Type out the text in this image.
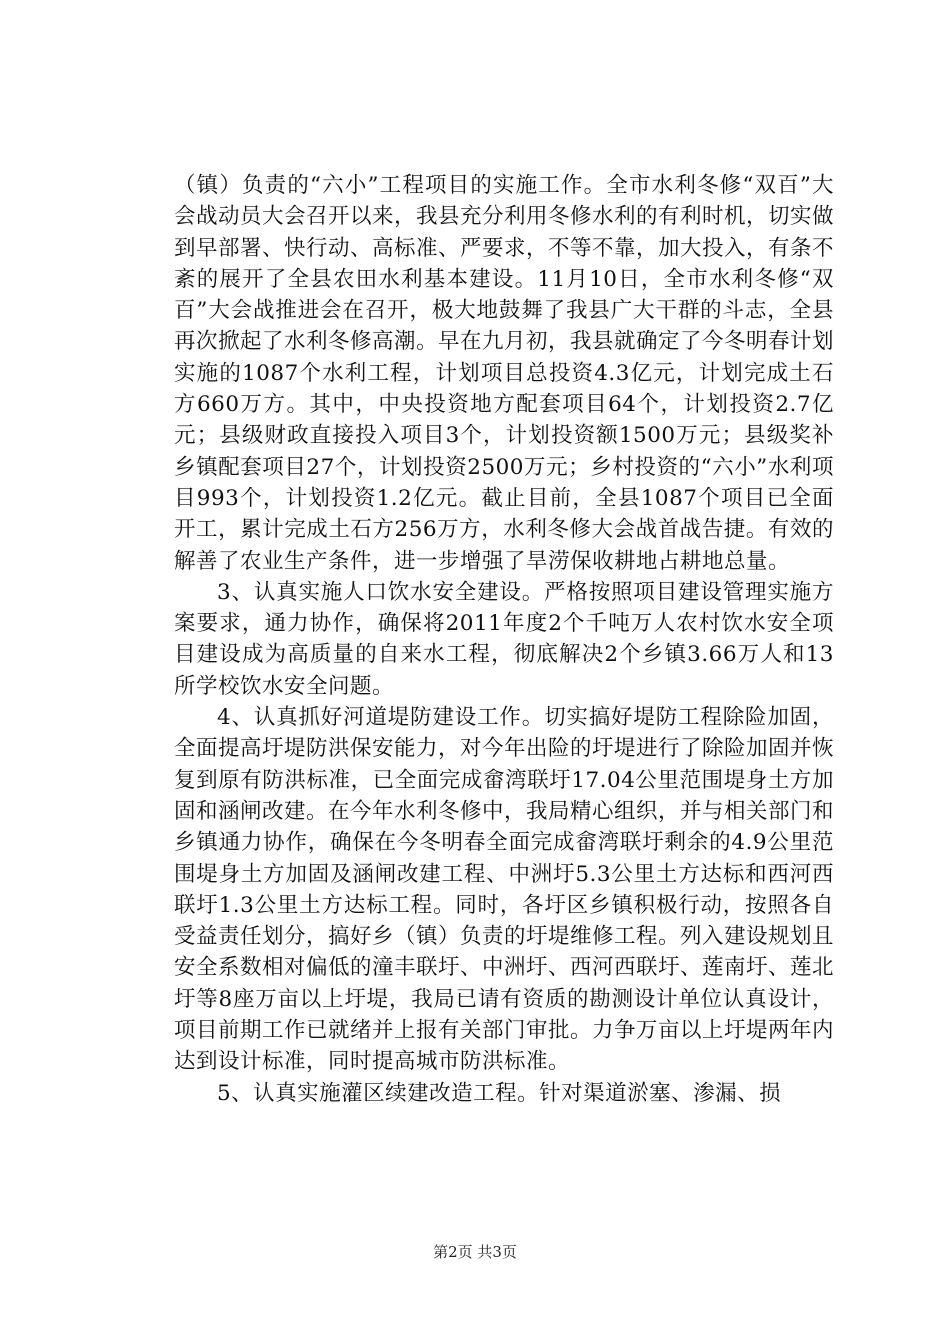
（镇）负责的“六小”工程项目的实施工作。全市水利冬修“双百”大会战动员大会召开以来，我县充分利用冬修水利的有利时机，切实做到早部署、快行动、高标准、严要求，不等不靠，加大投入，有条不紊的展开了全县农田水利基本建设。11月10日，全市水利冬修“双百”大会战推进会在召开，极大地鼓舞了我县广大干群的斗志，全县再次掀起了水利冬修高潮。早在九月初，我县就确定了今冬明春计划实施的1087个水利工程，计划项目总投资4.3亿元，计划完成土石方660万方。其中，中央投资地方配套项目64个，计划投资2.7亿元；县级财政直接投入项目3个，计划投资额1500万元；县级奖补乡镇配套项目27个，计划投资2500万元；乡村投资的“六小”水利项目993个，计划投资1.2亿元。截止目前，全县1087个项目已全面开工，累计完成土石方256万方，水利冬修大会战首战告捷。有效的解善了农业生产条件，进一步增强了旱涝保收耕地占耕地总量。

3、认真实施人口饮水安全建设。严格按照项目建设管理实施方案要求，通力协作，确保将2011年度2个千吨万人农村饮水安全项目建设成为高质量的自来水工程，彻底解决2个乡镇3.66万人和13所学校饮水安全问题。

4、认真抓好河道堤防建设工作。切实搞好堤防工程除险加固，全面提高圩堤防洪保安能力，对今年出险的圩堤进行了除险加固并恢复到原有防洪标准，已全面完成畲湾联圩17.04公里范围堤身土方加固和涵闸改建。在今年水利冬修中，我局精心组织，并与相关部门和乡镇通力协作，确保在今冬明春全面完成畲湾联圩剩余的4.9公里范围堤身土方加固及涵闸改建工程、中洲圩5.3公里土方达标和西河西联圩1.3公里土方达标工程。同时，各圩区乡镇积极行动，按照各自受益责任划分，搞好乡（镇）负责的圩堤维修工程。列入建设规划且安全系数相对偏低的潼丰联圩、中洲圩、西河西联圩、莲南圩、莲北圩等8座万亩以上圩堤，我局已请有资质的勘测设计单位认真设计，项目前期工作已就绪并上报有关部门审批。力争万亩以上圩堤两年内达到设计标准，同时提高城市防洪标准。

5、认真实施灌区续建改造工程。针对渠道淤塞、渗漏、损

第2页 共3页
